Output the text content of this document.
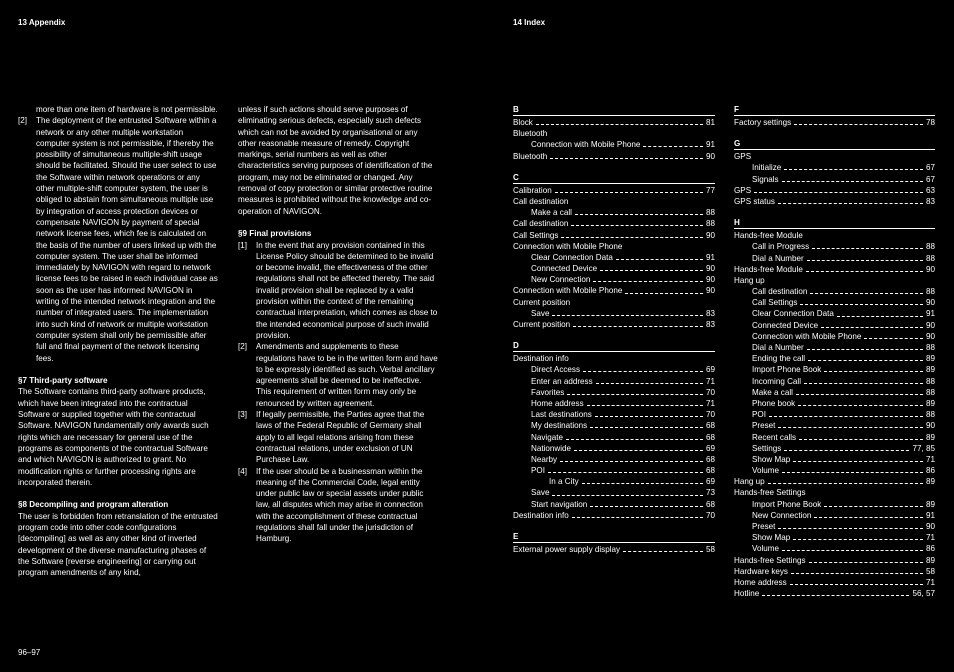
13 Appendix	14 Index

more than one item of hardware is not permissible.

[2] The deployment of the entrusted Software within a network or any other multiple workstation computer system is not permissible, if thereby the possibility of simultaneous multiple-shift usage should be facilitated. Should the user select to use the Software within network operations or any other multiple-shift computer system, the user is obliged to abstain from simultaneous multiple use by integration of access protection devices or compensate NAVIGON by payment of special network license fees, which fee is calculated on the basis of the number of users linked up with the computer system. The user shall be informed immediately by NAVIGON with regard to network license fees to be raised in each individual case as soon as the user has informed NAVIGON in writing of the intended network integration and the number of integrated users. The implementation into such kind of network or multiple workstation computer system shall only be permissible after full and final payment of the network licensing fees.

§7 Third-party software

The Software contains third-party software products, which have been integrated into the contractual Software or supplied together with the contractual Software. NAVIGON fundamentally only awards such rights which are necessary for general use of the programs as components of the contractual Software and which NAVIGON is authorized to grant. No modification rights or further processing rights are incorporated therein.

§8 Decompiling and program alteration

The user is forbidden from retranslation of the entrusted program code into other code configurations [decompiling] as well as any other kind of inverted development of the diverse manufacturing phases of the Software [reverse engineering] or carrying out program amendments of any kind,

unless if such actions should serve purposes of eliminating serious defects, especially such defects which can not be avoided by organisational or any other reasonable measure of remedy. Copyright markings, serial numbers as well as other characteristics serving purposes of identification of the program, may not be eliminated or changed. Any removal of copy protection or similar protective routine measures is prohibited without the knowledge and co-operation of NAVIGON.

§9 Final provisions

[1] In the event that any provision contained in this License Policy should be determined to be invalid or become invalid, the effectiveness of the other regulations shall not be affected thereby. The said invalid provision shall be replaced by a valid provision within the context of the remaining contractual interpretation, which comes as close to the intended economical purpose of such invalid provision.
[2] Amendments and supplements to these regulations have to be in the written form and have to be expressly identified as such. Verbal ancillary agreements shall be deemed to be ineffective. This requirement of written form may only be renounced by written agreement.
[3] If legally permissible, the Parties agree that the laws of the Federal Republic of Germany shall apply to all legal relations arising from these contractual relations, under exclusion of UN Purchase Law.
[4] If the user should be a businessman within the meaning of the Commercial Code, legal entity under public law or special assets under public law, all disputes which may arise in connection with the accomplishment of these contractual regulations shall fall under the jurisdiction of Hamburg.
B
Block	81
Bluetooth
Connection with Mobile Phone	91
Bluetooth	90
C
Calibration	77
Call destination
Make a call	88
Call destination	88
Call Settings	90
Connection with Mobile Phone
Clear Connection Data	91
Connected Device	90
New Connection	90
Connection with Mobile Phone	90
Current position
Save	83
Current position	83
D
Destination info
Direct Access	69
Enter an address	71
Favorites	70
Home address	71
Last destinations	70
My destinations	68
Navigate	68
Nationwide	69
Nearby	68
POI	68
In a City	69
Save	73
Start navigation	68
Destination info	70
E
External power supply display	58
F
Factory settings	78
G
GPS
Initialize	67
Signals	67
GPS	63
GPS status	83
H
Hands-free Module
Call in Progress	88
Dial a Number	88
Hands-free Module	90
Hang up
Call destination	88
Call Settings	90
Clear Connection Data	91
Connected Device	90
Connection with Mobile Phone	90
Dial a Number	88
Ending the call	89
Import Phone Book	89
Incoming Call	88
Make a call	88
Phone book	89
POI	88
Preset	90
Recent calls	89
Settings	77, 85
Show Map	71
Volume	86
Hang up	89
Hands-free Settings
Import Phone Book	89
New Connection	91
Preset	90
Show Map	71
Volume	86
Hands-free Settings	89
Hardware keys	58
Home address	71
Hotline	56, 57
96–97
